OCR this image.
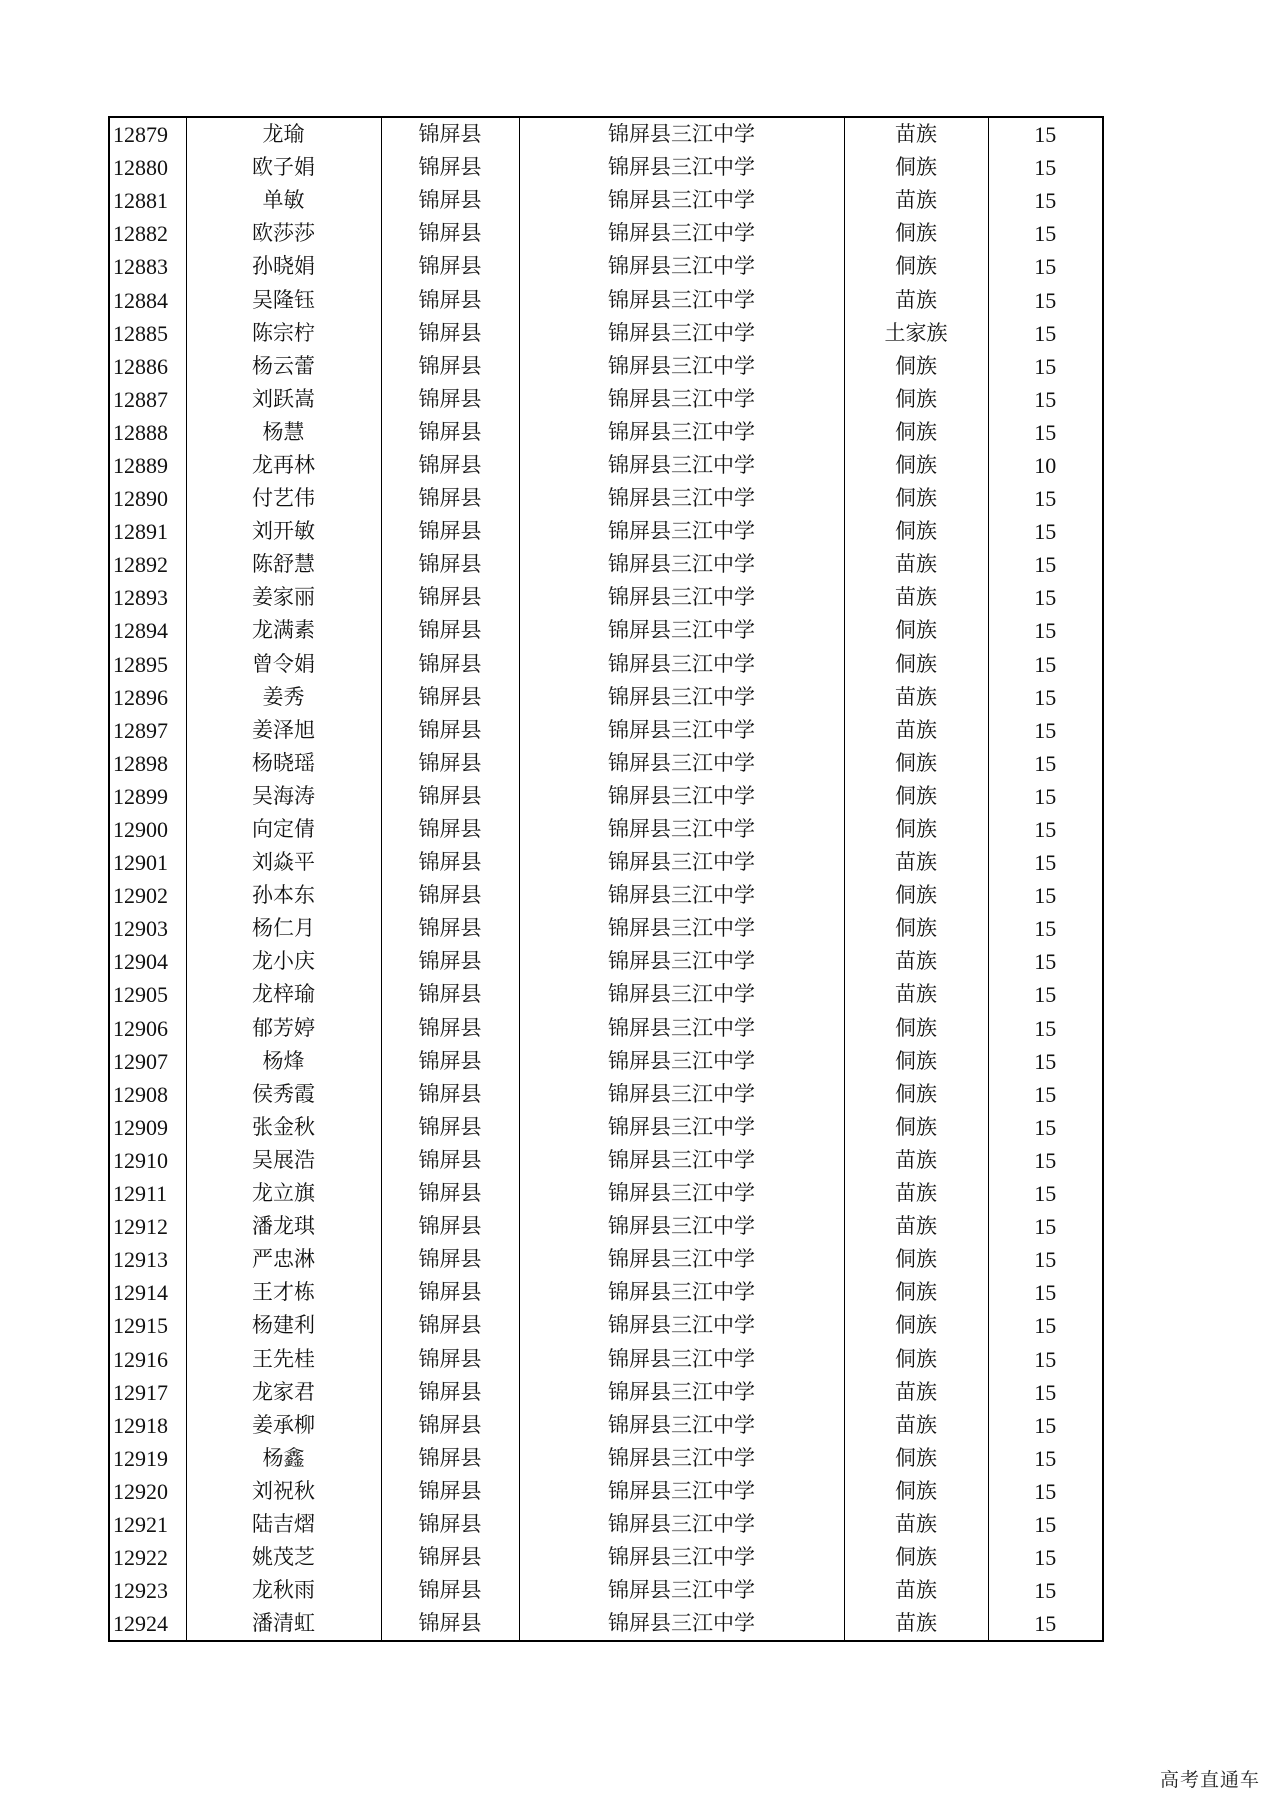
12879	龙瑜	锦屏县	锦屏县三江中学	苗族	15
12880	欧子娟	锦屏县	锦屏县三江中学	侗族	15
12881	单敏	锦屏县	锦屏县三江中学	苗族	15
12882	欧莎莎	锦屏县	锦屏县三江中学	侗族	15
12883	孙晓娟	锦屏县	锦屏县三江中学	侗族	15
12884	吴隆钰	锦屏县	锦屏县三江中学	苗族	15
12885	陈宗柠	锦屏县	锦屏县三江中学	土家族	15
12886	杨云蕾	锦屏县	锦屏县三江中学	侗族	15
12887	刘跃嵩	锦屏县	锦屏县三江中学	侗族	15
12888	杨慧	锦屏县	锦屏县三江中学	侗族	15
12889	龙再林	锦屏县	锦屏县三江中学	侗族	10
12890	付艺伟	锦屏县	锦屏县三江中学	侗族	15
12891	刘开敏	锦屏县	锦屏县三江中学	侗族	15
12892	陈舒慧	锦屏县	锦屏县三江中学	苗族	15
12893	姜家丽	锦屏县	锦屏县三江中学	苗族	15
12894	龙满素	锦屏县	锦屏县三江中学	侗族	15
12895	曾令娟	锦屏县	锦屏县三江中学	侗族	15
12896	姜秀	锦屏县	锦屏县三江中学	苗族	15
12897	姜泽旭	锦屏县	锦屏县三江中学	苗族	15
12898	杨晓瑶	锦屏县	锦屏县三江中学	侗族	15
12899	吴海涛	锦屏县	锦屏县三江中学	侗族	15
12900	向定倩	锦屏县	锦屏县三江中学	侗族	15
12901	刘焱平	锦屏县	锦屏县三江中学	苗族	15
12902	孙本东	锦屏县	锦屏县三江中学	侗族	15
12903	杨仁月	锦屏县	锦屏县三江中学	侗族	15
12904	龙小庆	锦屏县	锦屏县三江中学	苗族	15
12905	龙梓瑜	锦屏县	锦屏县三江中学	苗族	15
12906	郁芳婷	锦屏县	锦屏县三江中学	侗族	15
12907	杨烽	锦屏县	锦屏县三江中学	侗族	15
12908	侯秀霞	锦屏县	锦屏县三江中学	侗族	15
12909	张金秋	锦屏县	锦屏县三江中学	侗族	15
12910	吴展浩	锦屏县	锦屏县三江中学	苗族	15
12911	龙立旗	锦屏县	锦屏县三江中学	苗族	15
12912	潘龙琪	锦屏县	锦屏县三江中学	苗族	15
12913	严忠淋	锦屏县	锦屏县三江中学	侗族	15
12914	王才栋	锦屏县	锦屏县三江中学	侗族	15
12915	杨建利	锦屏县	锦屏县三江中学	侗族	15
12916	王先桂	锦屏县	锦屏县三江中学	侗族	15
12917	龙家君	锦屏县	锦屏县三江中学	苗族	15
12918	姜承柳	锦屏县	锦屏县三江中学	苗族	15
12919	杨鑫	锦屏县	锦屏县三江中学	侗族	15
12920	刘祝秋	锦屏县	锦屏县三江中学	侗族	15
12921	陆吉熠	锦屏县	锦屏县三江中学	苗族	15
12922	姚茂芝	锦屏县	锦屏县三江中学	侗族	15
12923	龙秋雨	锦屏县	锦屏县三江中学	苗族	15
12924	潘清虹	锦屏县	锦屏县三江中学	苗族	15
高考直通车
